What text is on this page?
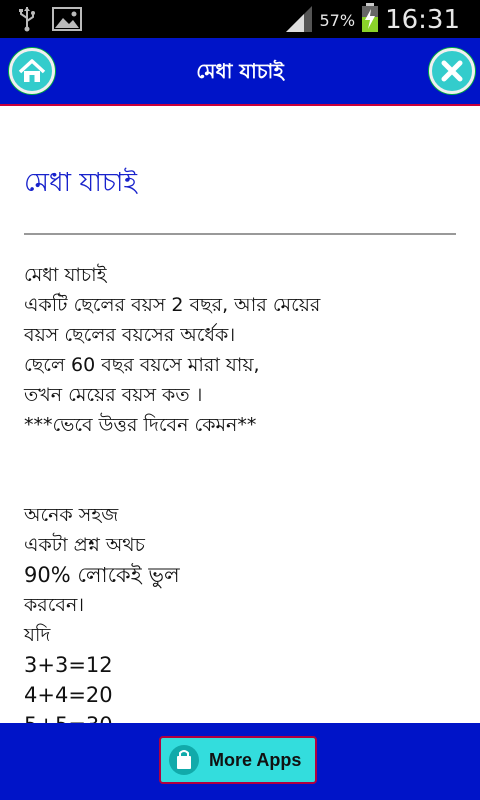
57% 16:31
মেধা যাচাই
মেধা যাচাই
মেধা যাচাই
একটি ছেলের বয়স 2 বছর, আর মেয়ের
বয়স ছেলের বয়সের অর্ধেক।
ছেলে 60 বছর বয়সে মারা যায়,
তখন মেয়ের বয়স কত ।
***ভেবে উত্তর দিবেন কেমন**
অনেক সহজ
একটা প্রশ্ন অথচ
90% লোকেই ভুল
করবেন।
যদি
3+3=12
4+4=20
More Apps
